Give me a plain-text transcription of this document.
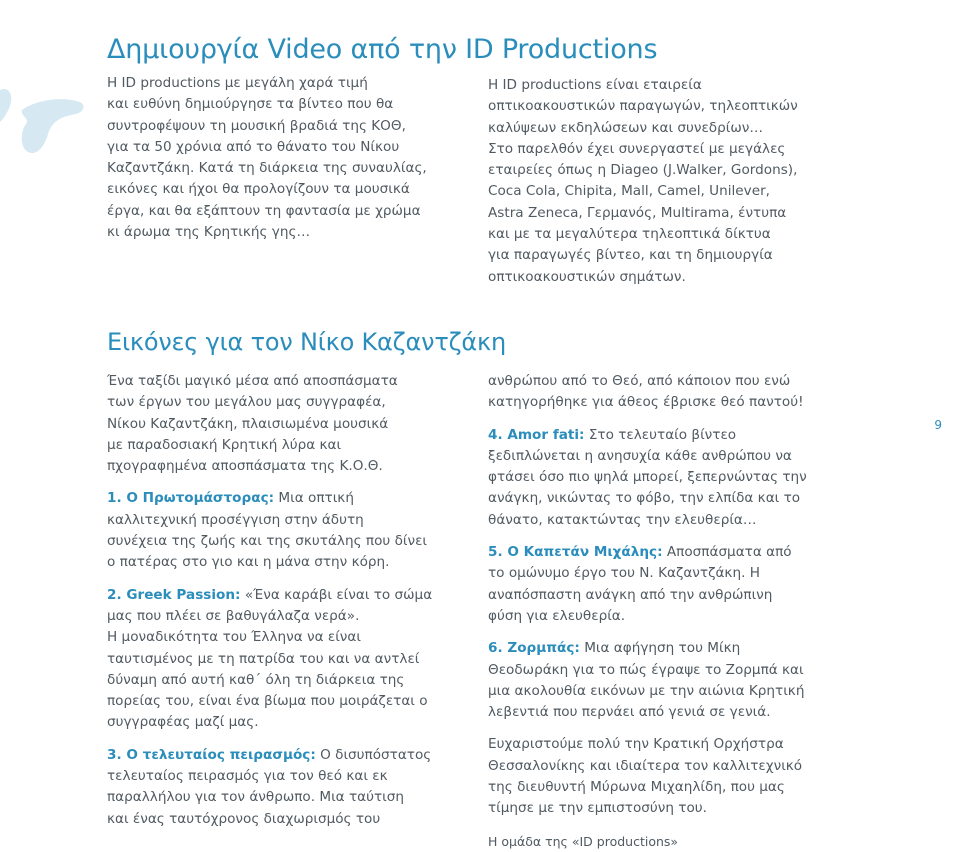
Δημιουργία Video από την ID Productions
Η ID productions με μεγάλη χαρά τιμή
και ευθύνη δημιούργησε τα βίντεο που θα
συντροφέψουν τη μουσική βραδιά της ΚΟΘ,
για τα 50 χρόνια από το θάνατο του Νίκου
Καζαντζάκη. Κατά τη διάρκεια της συναυλίας,
εικόνες και ήχοι θα προλογίζουν τα μουσικά
έργα, και θα εξάπτουν τη φαντασία με χρώμα
κι άρωμα της Κρητικής γης…
Η ID productions είναι εταιρεία
οπτικοακουστικών παραγωγών, τηλεοπτικών
καλύψεων εκδηλώσεων και συνεδρίων…
Στο παρελθόν έχει συνεργαστεί με μεγάλες
εταιρείες όπως η Diageo (J.Walker, Gordons),
Coca Cola, Chipita, Mall, Camel, Unilever,
Astra Zeneca, Γερμανός, Multirama, έντυπα
και με τα μεγαλύτερα τηλεοπτικά δίκτυα
για παραγωγές βίντεο, και τη δημιουργία
οπτικοακουστικών σημάτων.
Εικόνες για τον Νίκο Καζαντζάκη

Ένα ταξίδι μαγικό μέσα από αποσπάσματα
των έργων του μεγάλου μας συγγραφέα,
Νίκου Καζαντζάκη, πλαισιωμένα μουσικά
με παραδοσιακή Κρητική λύρα και
πχογραφημένα αποσπάσματα της Κ.Ο.Θ.

1. Ο Πρωτομάστορας: Μια οπτική
καλλιτεχνική προσέγγιση στην άδυτη
συνέχεια της ζωής και της σκυτάλης που δίνει
ο πατέρας στο γιο και η μάνα στην κόρη.

2. Greek Passion: «Ένα καράβι είναι το σώμα
μας που πλέει σε βαθυγάλαζα νερά».
Η μοναδικότητα του Έλληνα να είναι
ταυτισμένος με τη πατρίδα του και να αντλεί
δύναμη από αυτή καθ΄ όλη τη διάρκεια της
πορείας του, είναι ένα βίωμα που μοιράζεται ο
συγγραφέας μαζί μας.

3. Ο τελευταίος πειρασμός: Ο δισυπόστατος
τελευταίος πειρασμός για τον θεό και εκ
παραλλήλου για τον άνθρωπο. Μια ταύτιση
και ένας ταυτόχρονος διαχωρισμός του

ανθρώπου από το Θεό, από κάποιον που ενώ
κατηγορήθηκε για άθεος έβρισκε θεό παντού!

4. Amor fati: Στο τελευταίο βίντεο
ξεδιπλώνεται η ανησυχία κάθε ανθρώπου να
φτάσει όσο πιο ψηλά μπορεί, ξεπερνώντας την
ανάγκη, νικώντας το φόβο, την ελπίδα και το
θάνατο, κατακτώντας την ελευθερία…

5. Ο Καπετάν Μιχάλης: Αποσπάσματα από
το ομώνυμο έργο του Ν. Καζαντζάκη. Η
αναπόσπαστη ανάγκη από την ανθρώπινη
φύση για ελευθερία.

6. Ζορμπάς: Μια αφήγηση του Μίκη
Θεοδωράκη για το πώς έγραψε το Ζορμπά και
μια ακολουθία εικόνων με την αιώνια Κρητική
λεβεντιά που περνάει από γενιά σε γενιά.

Ευχαριστούμε πολύ την Κρατική Ορχήστρα
Θεσσαλονίκης και ιδιαίτερα τον καλλιτεχνικό
της διευθυντή Μύρωνα Μιχαηλίδη, που μας
τίμησε με την εμπιστοσύνη του.

Η ομάδα της «ID productions»

9
